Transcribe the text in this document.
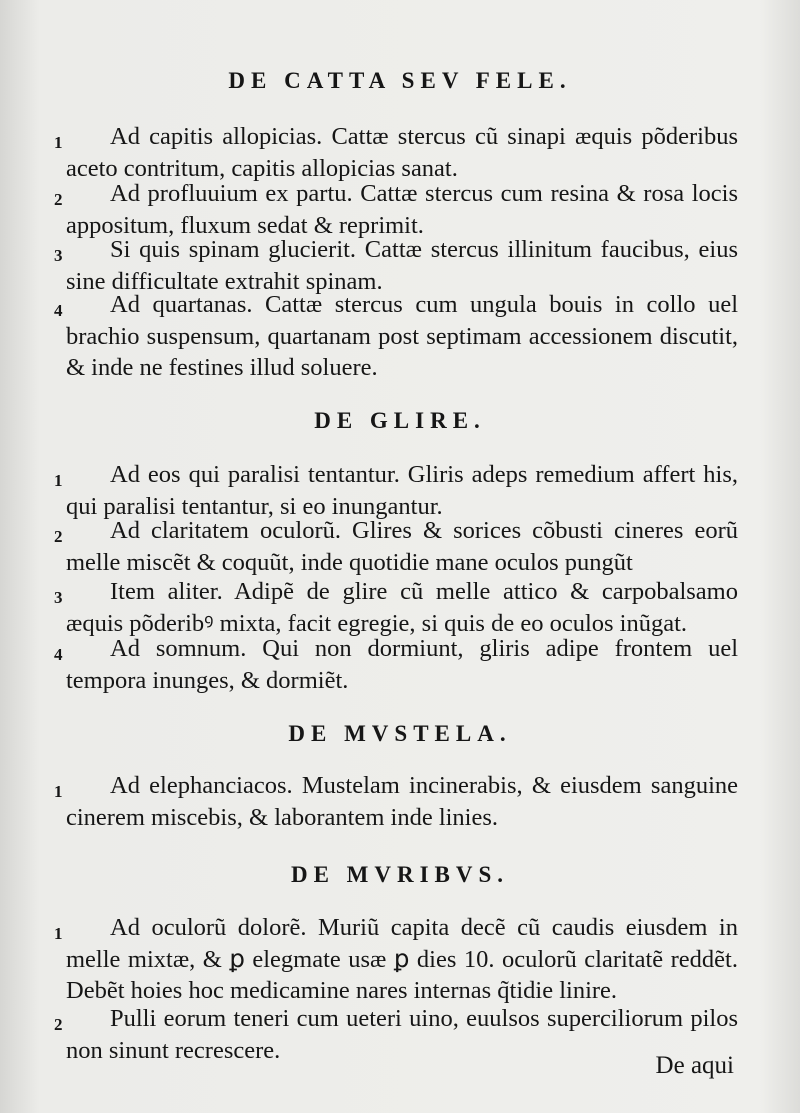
DE CATTA SEV FELE.
1	Ad capitis allopicias. Cattæ stercus cũ sinapi æquis põderibus aceto contritum, capitis allopicias sanat.
2	Ad profluuium ex partu. Cattæ stercus cum resina & rosa locis appositum, fluxum sedat & reprimit.
3	Si quis spinam glucierit. Cattæ stercus illinitum faucibus, eius sine difficultate extrahit spinam.
4	Ad quartanas. Cattæ stercus cum ungula bouis in collo uel brachio suspensum, quartanam post septimam accessionem discutit, & inde ne festines illud soluere.
DE GLIRE.
1	Ad eos qui paralisi tentantur. Gliris adeps remedium affert his, qui paralisi tentantur, si eo inungantur.
2	Ad claritatem oculorũ. Glires & sorices cõbusti cineres eorũ melle miscẽt & coquũt, inde quotidie mane oculos pungũt
3	Item aliter. Adipẽ de glire cũ melle attico & carpobalsamo æquis põderibꝰ mixta, facit egregie, si quis de eo oculos inũgat.
4	Ad somnum. Qui non dormiunt, gliris adipe frontem uel tempora inunges, & dormiẽt.
DE MVSTELA.
1	Ad elephanciacos. Mustelam incinerabis, & eiusdem sanguine cinerem miscebis, & laborantem inde linies.
DE MVRIBVS.
1	Ad oculorũ dolorẽ. Muriũ capita decẽ cũ caudis eiusdem in melle mixtæ, & ꝑ elegmate usæ ꝑ dies 10. oculorũ claritatẽ reddẽt. Debẽt hoies hoc medicamine nares internas q̃tidie linire.
2	Pulli eorum teneri cum ueteri uino, euulsos superciliorum pilos non sinunt recrescere.
De aqui
